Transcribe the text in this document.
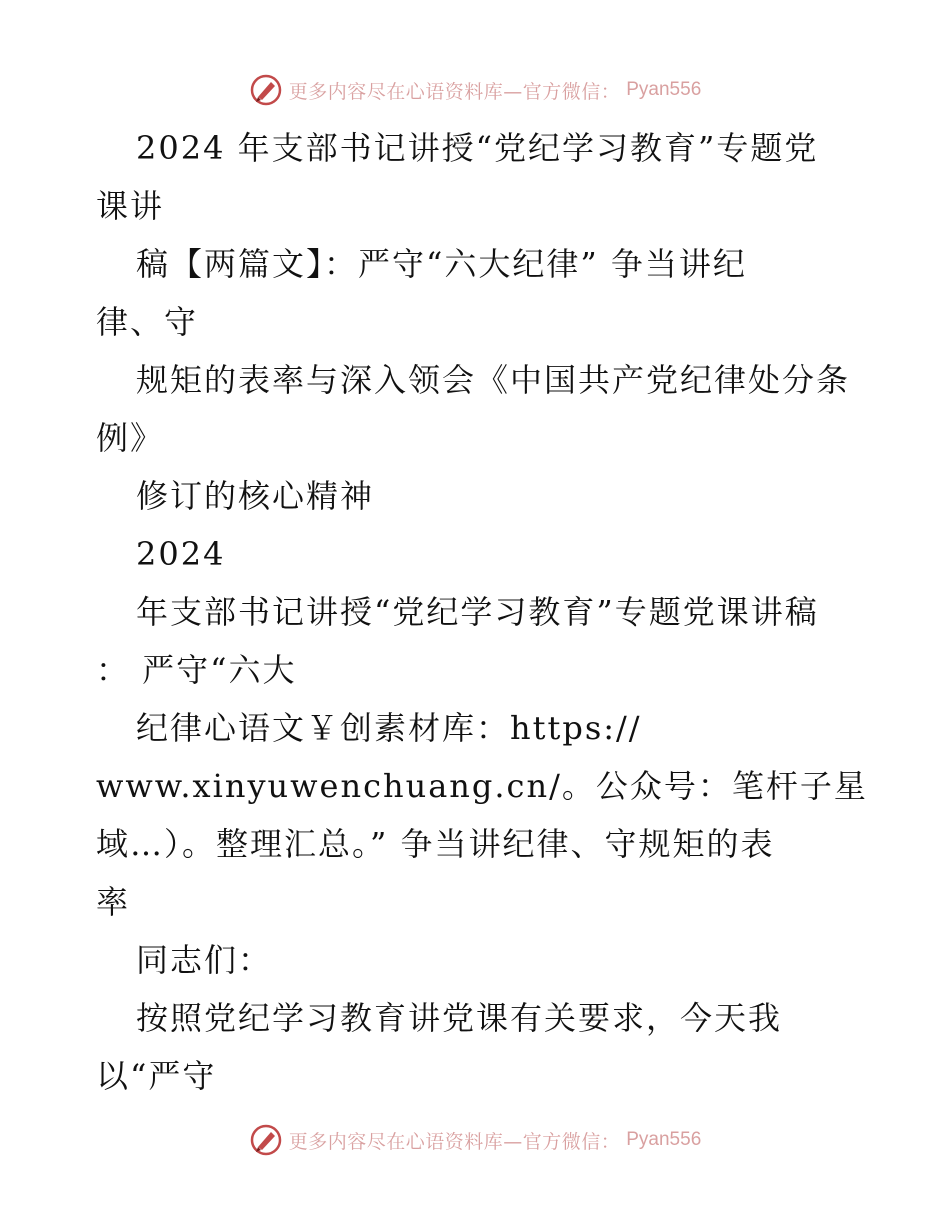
更多内容尽在心语资料库—官方微信： Pyan556
2024 年支部书记讲授“党纪学习教育”专题党
课讲
稿【两篇文】：严守“六大纪律” 争当讲纪
律、守
规矩的表率与深入领会《中国共产党纪律处分条
例》
修订的核心精神
2024
年支部书记讲授“党纪学习教育”专题党课讲稿
： 严守“六大
纪律心语文￥创素材库：https://
www.xinyuwenchuang.cn/。公众号：笔杆子星
域…）。整理汇总。” 争当讲纪律、守规矩的表
率
同志们：
按照党纪学习教育讲党课有关要求，今天我
以“严守
更多内容尽在心语资料库—官方微信： Pyan556
